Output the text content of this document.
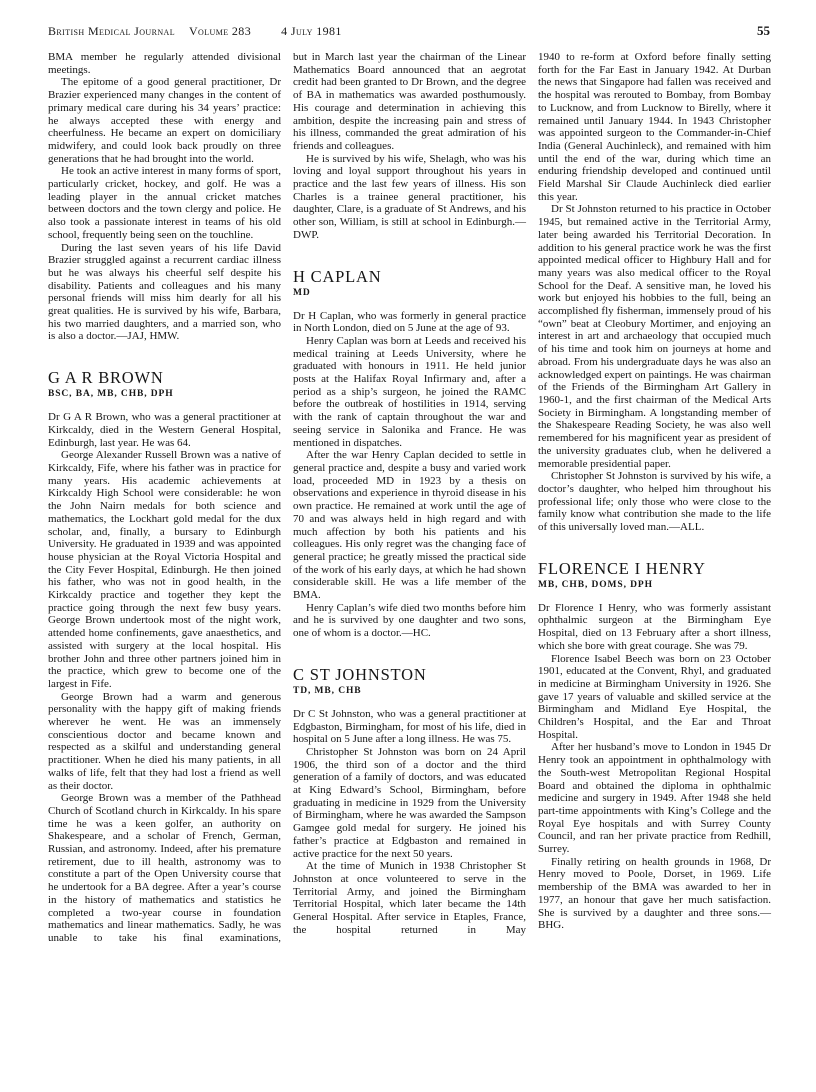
British Medical Journal Volume 283	4 July 1981	55

BMA member he regularly attended divisional meetings.

The epitome of a good general practitioner, Dr Brazier experienced many changes in the content of primary medical care during his 34 years’ practice: he always accepted these with energy and cheerfulness. He became an expert on domiciliary midwifery, and could look back proudly on three generations that he had brought into the world.

He took an active interest in many forms of sport, particularly cricket, hockey, and golf. He was a leading player in the annual cricket matches between doctors and the town clergy and police. He also took a passionate interest in teams of his old school, frequently being seen on the touchline.

During the last seven years of his life David Brazier struggled against a recurrent cardiac illness but he was always his cheerful self despite his disability. Patients and colleagues and his many personal friends will miss him dearly for all his great qualities. He is survived by his wife, Barbara, his two married daughters, and a married son, who is also a doctor.—JAJ, HMW.

G A R BROWN
BSC, BA, MB, CHB, DPH

Dr G A R Brown, who was a general practitioner at Kirkcaldy, died in the Western General Hospital, Edinburgh, last year. He was 64.

George Alexander Russell Brown was a native of Kirkcaldy, Fife, where his father was in practice for many years. His academic achievements at Kirkcaldy High School were considerable: he won the John Nairn medals for both science and mathematics, the Lockhart gold medal for the dux scholar, and, finally, a bursary to Edinburgh University. He graduated in 1939 and was appointed house physician at the Royal Victoria Hospital and the City Fever Hospital, Edinburgh. He then joined his father, who was not in good health, in the Kirkcaldy practice and together they kept the practice going through the next few busy years. George Brown undertook most of the night work, attended home confinements, gave anaesthetics, and assisted with surgery at the local hospital. His brother John and three other partners joined him in the practice, which grew to become one of the largest in Fife.

George Brown had a warm and generous personality with the happy gift of making friends wherever he went. He was an immensely conscientious doctor and became known and respected as a skilful and understanding general practitioner. When he died his many patients, in all walks of life, felt that they had lost a friend as well as their doctor.

George Brown was a member of the Pathhead Church of Scotland church in Kirkcaldy. In his spare time he was a keen golfer, an authority on Shakespeare, and a scholar of French, German, Russian, and astronomy. Indeed, after his premature retirement, due to ill health, astronomy was to constitute a part of the Open University course that he undertook for a BA degree. After a year’s course in the history of mathematics and statistics he completed a two-year course in foundation mathematics and linear mathematics. Sadly, he was unable to take his final examinations,

but in March last year the chairman of the Linear Mathematics Board announced that an aegrotat credit had been granted to Dr Brown, and the degree of BA in mathematics was awarded posthumously. His courage and determination in achieving this ambition, despite the increasing pain and stress of his illness, commanded the great admiration of his friends and colleagues.

He is survived by his wife, Shelagh, who was his loving and loyal support throughout his years in practice and the last few years of illness. His son Charles is a trainee general practitioner, his daughter, Clare, is a graduate of St Andrews, and his other son, William, is still at school in Edinburgh.—DWP.

H CAPLAN
MD

Dr H Caplan, who was formerly in general practice in North London, died on 5 June at the age of 93.

Henry Caplan was born at Leeds and received his medical training at Leeds University, where he graduated with honours in 1911. He held junior posts at the Halifax Royal Infirmary and, after a period as a ship’s surgeon, he joined the RAMC before the outbreak of hostilities in 1914, serving with the rank of captain throughout the war and seeing service in Salonika and France. He was mentioned in dispatches.

After the war Henry Caplan decided to settle in general practice and, despite a busy and varied work load, proceeded MD in 1923 by a thesis on observations and experience in thyroid disease in his own practice. He remained at work until the age of 70 and was always held in high regard and with much affection by both his patients and his colleagues. His only regret was the changing face of general practice; he greatly missed the practical side of the work of his early days, at which he had shown considerable skill. He was a life member of the BMA.

Henry Caplan’s wife died two months before him and he is survived by one daughter and two sons, one of whom is a doctor.—HC.

C ST JOHNSTON
TD, MB, CHB

Dr C St Johnston, who was a general practitioner at Edgbaston, Birmingham, for most of his life, died in hospital on 5 June after a long illness. He was 75.

Christopher St Johnston was born on 24 April 1906, the third son of a doctor and the third generation of a family of doctors, and was educated at King Edward’s School, Birmingham, before graduating in medicine in 1929 from the University of Birmingham, where he was awarded the Sampson Gamgee gold medal for surgery. He joined his father’s practice at Edgbaston and remained in active practice for the next 50 years.

At the time of Munich in 1938 Christopher St Johnston at once volunteered to serve in the Territorial Army, and joined the Birmingham Territorial Hospital, which later became the 14th General Hospital. After service in Etaples, France, the hospital returned in May

1940 to re-form at Oxford before finally setting forth for the Far East in January 1942. At Durban the news that Singapore had fallen was received and the hospital was rerouted to Bombay, from Bombay to Lucknow, and from Lucknow to Birelly, where it remained until January 1944. In 1943 Christopher was appointed surgeon to the Commander-in-Chief India (General Auchinleck), and remained with him until the end of the war, during which time an enduring friendship developed and continued until Field Marshal Sir Claude Auchinleck died earlier this year.

Dr St Johnston returned to his practice in October 1945, but remained active in the Territorial Army, later being awarded his Territorial Decoration. In addition to his general practice work he was the first appointed medical officer to Highbury Hall and for many years was also medical officer to the Royal School for the Deaf. A sensitive man, he loved his work but enjoyed his hobbies to the full, being an accomplished fly fisherman, immensely proud of his “own” beat at Cleobury Mortimer, and enjoying an interest in art and archaeology that occupied much of his time and took him on journeys at home and abroad. From his undergraduate days he was also an acknowledged expert on paintings. He was chairman of the Friends of the Birmingham Art Gallery in 1960-1, and the first chairman of the Medical Arts Society in Birmingham. A longstanding member of the Shakespeare Reading Society, he was also well remembered for his magnificent year as president of the university graduates club, when he delivered a memorable presidential paper.

Christopher St Johnston is survived by his wife, a doctor’s daughter, who helped him throughout his professional life; only those who were close to the family know what contribution she made to the life of this universally loved man.—ALL.

FLORENCE I HENRY
MB, CHB, DOMS, DPH

Dr Florence I Henry, who was formerly assistant ophthalmic surgeon at the Birmingham Eye Hospital, died on 13 February after a short illness, which she bore with great courage. She was 79.

Florence Isabel Beech was born on 23 October 1901, educated at the Convent, Rhyl, and graduated in medicine at Birmingham University in 1926. She gave 17 years of valuable and skilled service at the Birmingham and Midland Eye Hospital, the Children’s Hospital, and the Ear and Throat Hospital.

After her husband’s move to London in 1945 Dr Henry took an appointment in ophthalmology with the South-west Metropolitan Regional Hospital Board and obtained the diploma in ophthalmic medicine and surgery in 1949. After 1948 she held part-time appointments with King’s College and the Royal Eye hospitals and with Surrey County Council, and ran her private practice from Redhill, Surrey.

Finally retiring on health grounds in 1968, Dr Henry moved to Poole, Dorset, in 1969. Life membership of the BMA was awarded to her in 1977, an honour that gave her much satisfaction. She is survived by a daughter and three sons.—BHG.
